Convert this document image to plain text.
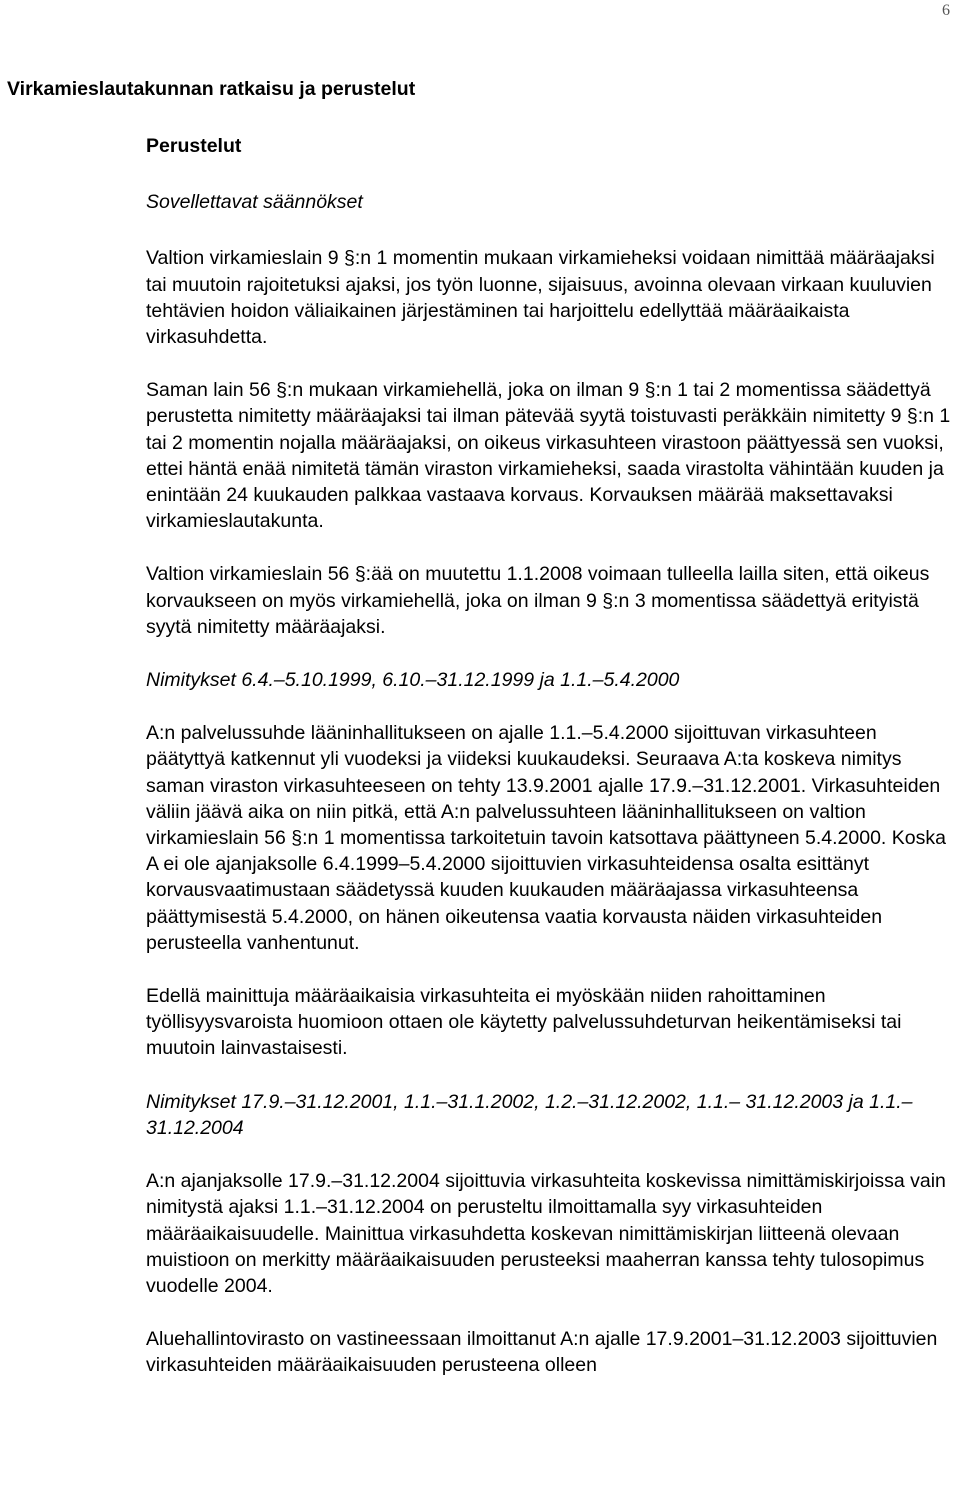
6
Virkamieslautakunnan ratkaisu ja perustelut

Perustelut

Sovellettavat säännökset

Valtion virkamieslain 9 §:n 1 momentin mukaan virkamieheksi voidaan nimittää määräajaksi tai muutoin rajoitetuksi ajaksi, jos työn luonne, sijaisuus, avoinna olevaan virkaan kuuluvien tehtävien hoidon väliaikainen järjestäminen tai harjoittelu edellyttää määräaikaista virkasuhdetta.

Saman lain 56 §:n mukaan virkamiehellä, joka on ilman 9 §:n 1 tai 2 momentissa säädettyä perustetta nimitetty määräajaksi tai ilman pätevää syytä toistuvasti peräkkäin nimitetty 9 §:n 1 tai 2 momentin nojalla määräajaksi, on oikeus virkasuhteen virastoon päättyessä sen vuoksi, ettei häntä enää nimitetä tämän viraston virkamieheksi, saada virastolta vähintään kuuden ja enintään 24 kuukauden palkkaa vastaava korvaus. Korvauksen määrää maksettavaksi virkamieslautakunta.

Valtion virkamieslain 56 §:ää on muutettu 1.1.2008 voimaan tulleella lailla siten, että oikeus korvaukseen on myös virkamiehellä, joka on ilman 9 §:n 3 momentissa säädettyä erityistä syytä nimitetty määräajaksi.

Nimitykset 6.4.–5.10.1999, 6.10.–31.12.1999 ja 1.1.–5.4.2000

A:n palvelussuhde lääninhallitukseen on ajalle 1.1.–5.4.2000 sijoittuvan virkasuhteen päätyttyä katkennut yli vuodeksi ja viideksi kuukaudeksi. Seuraava A:ta koskeva nimitys saman viraston virkasuhteeseen on tehty 13.9.2001 ajalle 17.9.–31.12.2001. Virkasuhteiden väliin jäävä aika on niin pitkä, että A:n palvelussuhteen lääninhallitukseen on valtion virkamieslain 56 §:n 1 momentissa tarkoitetuin tavoin katsottava päättyneen 5.4.2000. Koska A ei ole ajanjaksolle 6.4.1999–5.4.2000 sijoittuvien virkasuhteidensa osalta esittänyt korvausvaatimustaan säädetyssä kuuden kuukauden määräajassa virkasuhteensa päättymisestä 5.4.2000, on hänen oikeutensa vaatia korvausta näiden virkasuhteiden perusteella vanhentunut.

Edellä mainittuja määräaikaisia virkasuhteita ei myöskään niiden rahoittaminen työllisyysvaroista huomioon ottaen ole käytetty palvelussuhdeturvan heikentämiseksi tai muutoin lainvastaisesti.

Nimitykset 17.9.–31.12.2001, 1.1.–31.1.2002, 1.2.–31.12.2002, 1.1.– 31.12.2003 ja 1.1.–31.12.2004

A:n ajanjaksolle 17.9.–31.12.2004 sijoittuvia virkasuhteita koskevissa nimittämiskirjoissa vain nimitystä ajaksi 1.1.–31.12.2004 on perusteltu ilmoittamalla syy virkasuhteiden määräaikaisuudelle. Mainittua virkasuhdetta koskevan nimittämiskirjan liitteenä olevaan muistioon on merkitty määräaikaisuuden perusteeksi maaherran kanssa tehty tulosopimus vuodelle 2004.

Aluehallintovirasto on vastineessaan ilmoittanut A:n ajalle 17.9.2001–31.12.2003 sijoittuvien virkasuhteiden määräaikaisuuden perusteena olleen
